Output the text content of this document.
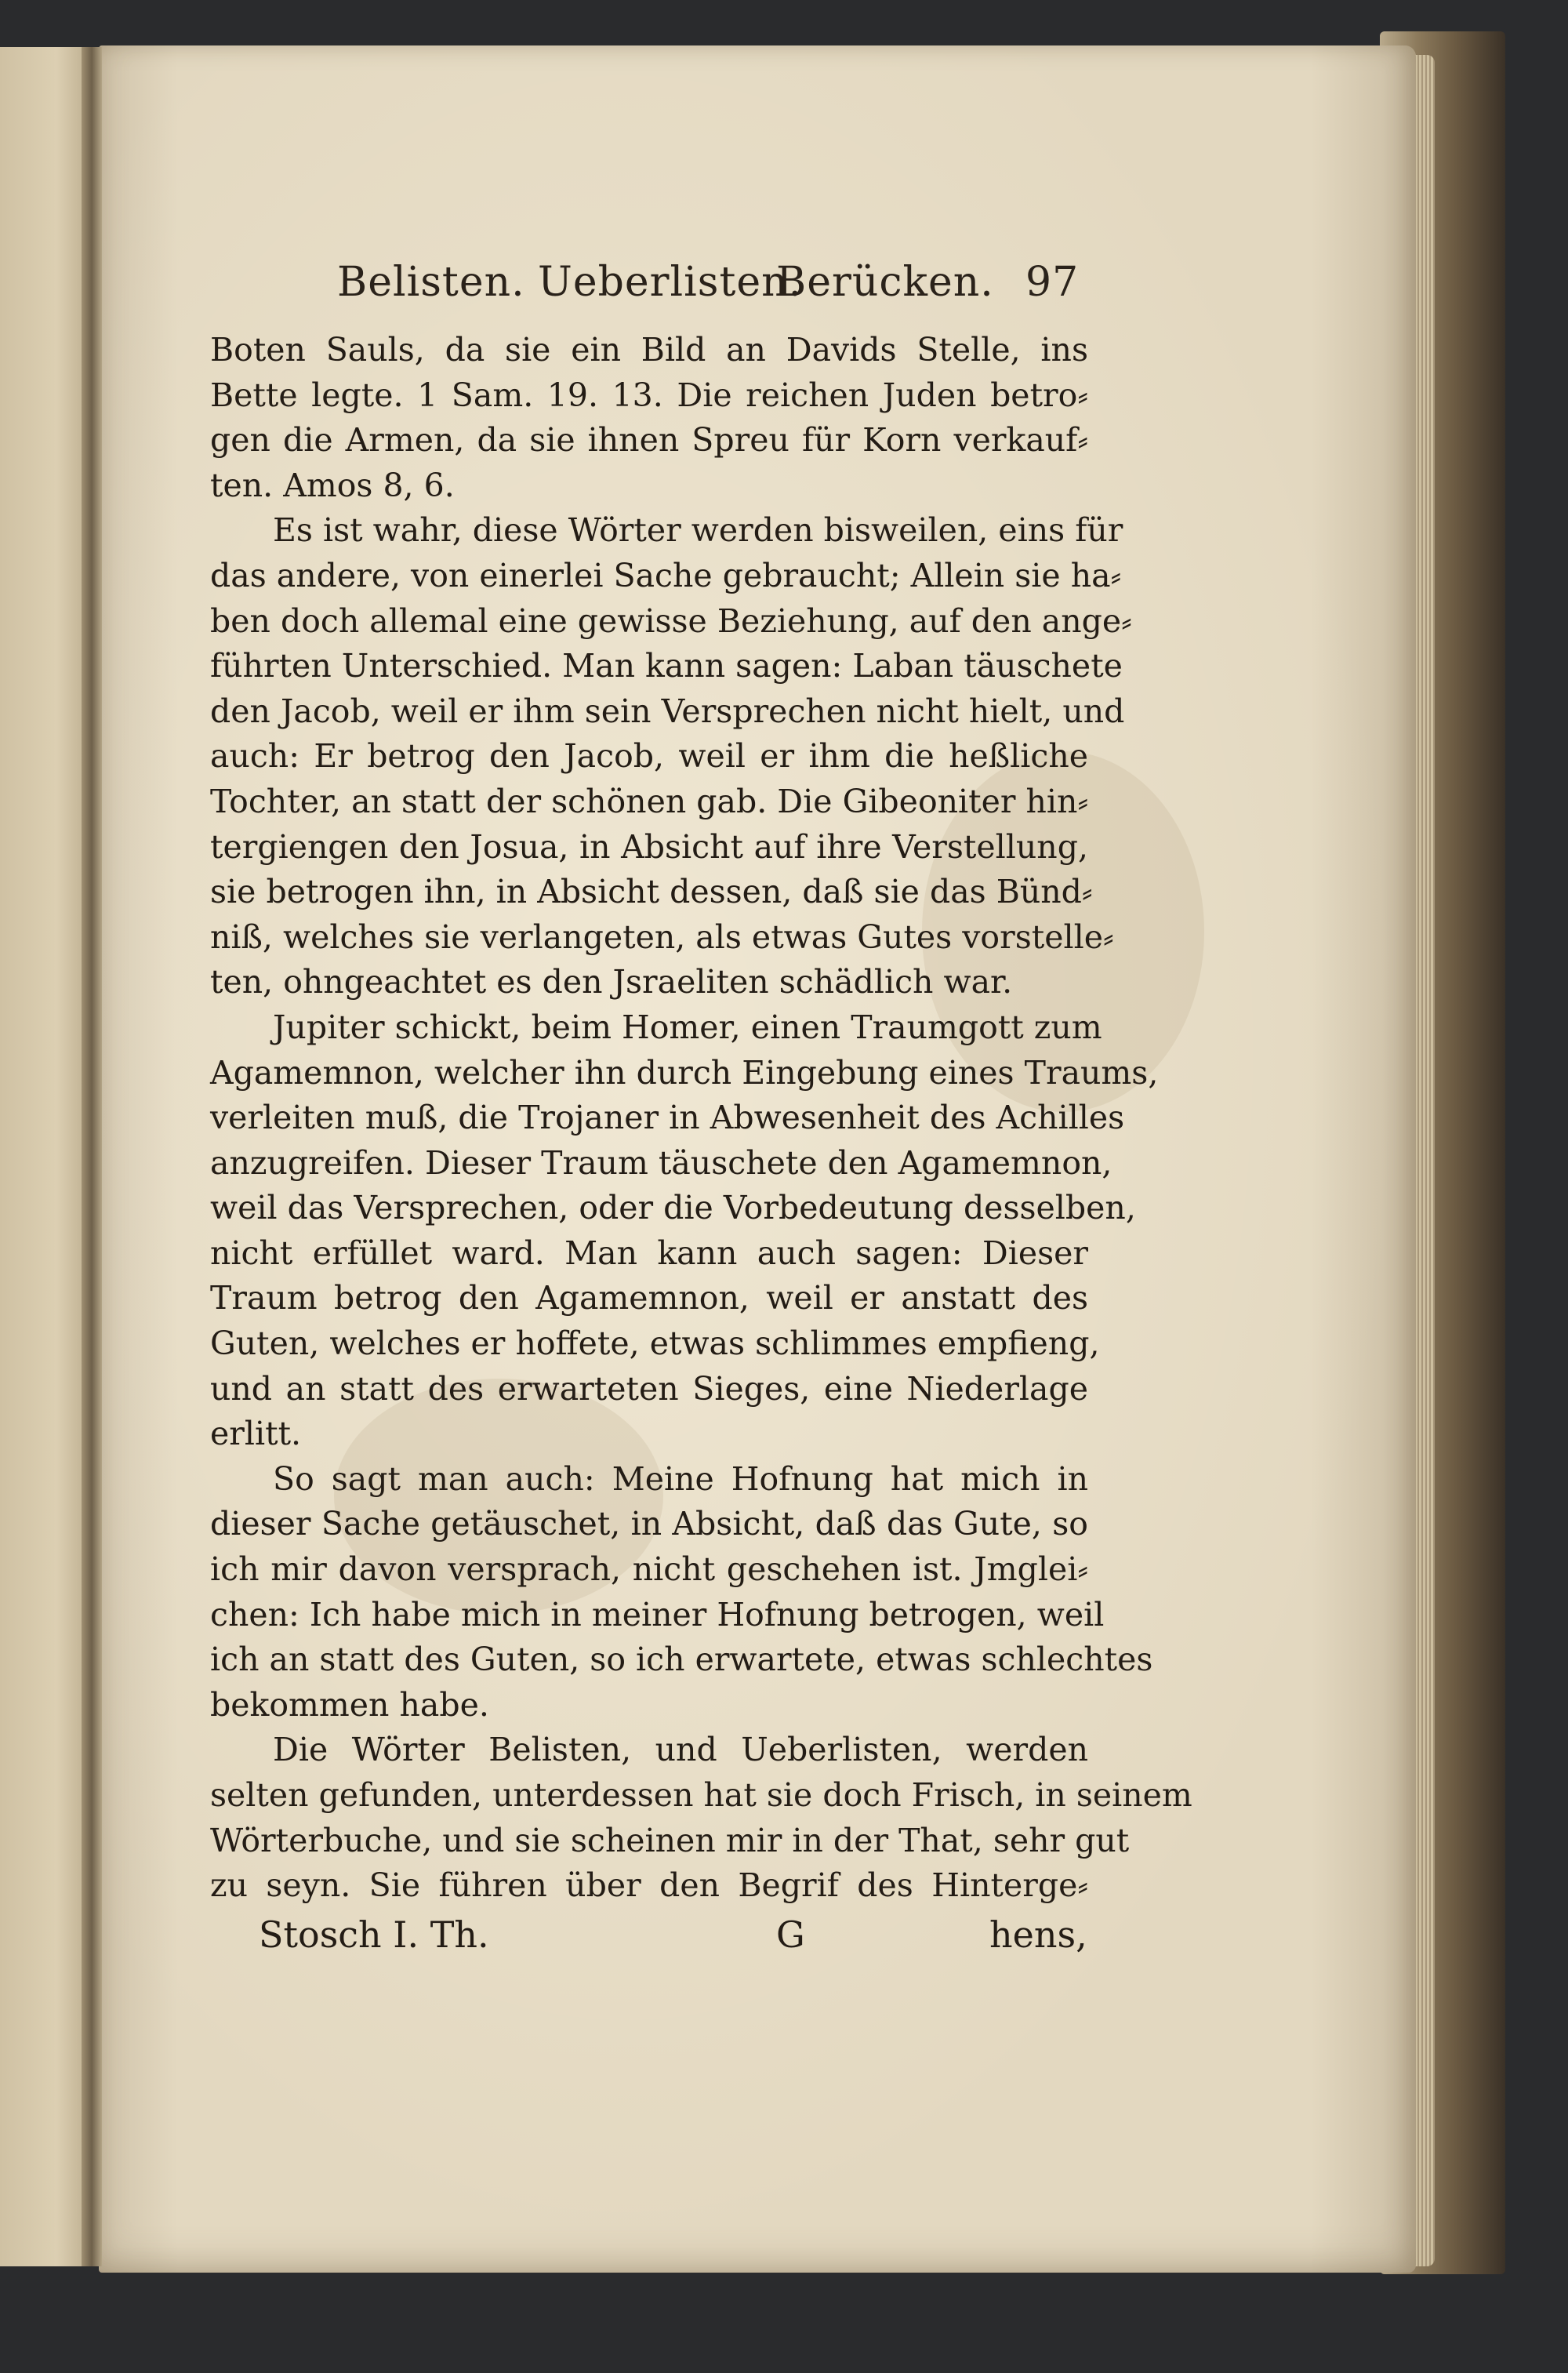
Belisten. Ueberlisten.
Berücken. 97
Boten Sauls, da sie ein Bild an Davids Stelle, ins
Bette legte. 1 Sam. 19. 13. Die reichen Juden betro⸗
gen die Armen, da sie ihnen Spreu für Korn verkauf⸗
ten. Amos 8, 6.
Es ist wahr, diese Wörter werden bisweilen, eins für
das andere, von einerlei Sache gebraucht; Allein sie ha⸗
ben doch allemal eine gewisse Beziehung, auf den ange⸗
führten Unterschied. Man kann sagen: Laban täuschete
den Jacob, weil er ihm sein Versprechen nicht hielt, und
auch: Er betrog den Jacob, weil er ihm die heßliche
Tochter, an statt der schönen gab. Die Gibeoniter hin⸗
tergiengen den Josua, in Absicht auf ihre Verstellung,
sie betrogen ihn, in Absicht dessen, daß sie das Bünd⸗
niß, welches sie verlangeten, als etwas Gutes vorstelle⸗
ten, ohngeachtet es den Jsraeliten schädlich war.
Jupiter schickt, beim Homer, einen Traumgott zum
Agamemnon, welcher ihn durch Eingebung eines Traums,
verleiten muß, die Trojaner in Abwesenheit des Achilles
anzugreifen. Dieser Traum täuschete den Agamemnon,
weil das Versprechen, oder die Vorbedeutung desselben,
nicht erfüllet ward. Man kann auch sagen: Dieser
Traum betrog den Agamemnon, weil er anstatt des
Guten, welches er hoffete, etwas schlimmes empfieng,
und an statt des erwarteten Sieges, eine Niederlage
erlitt.
So sagt man auch: Meine Hofnung hat mich in
dieser Sache getäuschet, in Absicht, daß das Gute, so
ich mir davon versprach, nicht geschehen ist. Jmglei⸗
chen: Ich habe mich in meiner Hofnung betrogen, weil
ich an statt des Guten, so ich erwartete, etwas schlechtes
bekommen habe.
Die Wörter Belisten, und Ueberlisten, werden
selten gefunden, unterdessen hat sie doch Frisch, in seinem
Wörterbuche, und sie scheinen mir in der That, sehr gut
zu seyn. Sie führen über den Begrif des Hinterge⸗
Stosch I. Th.	G	hens,
